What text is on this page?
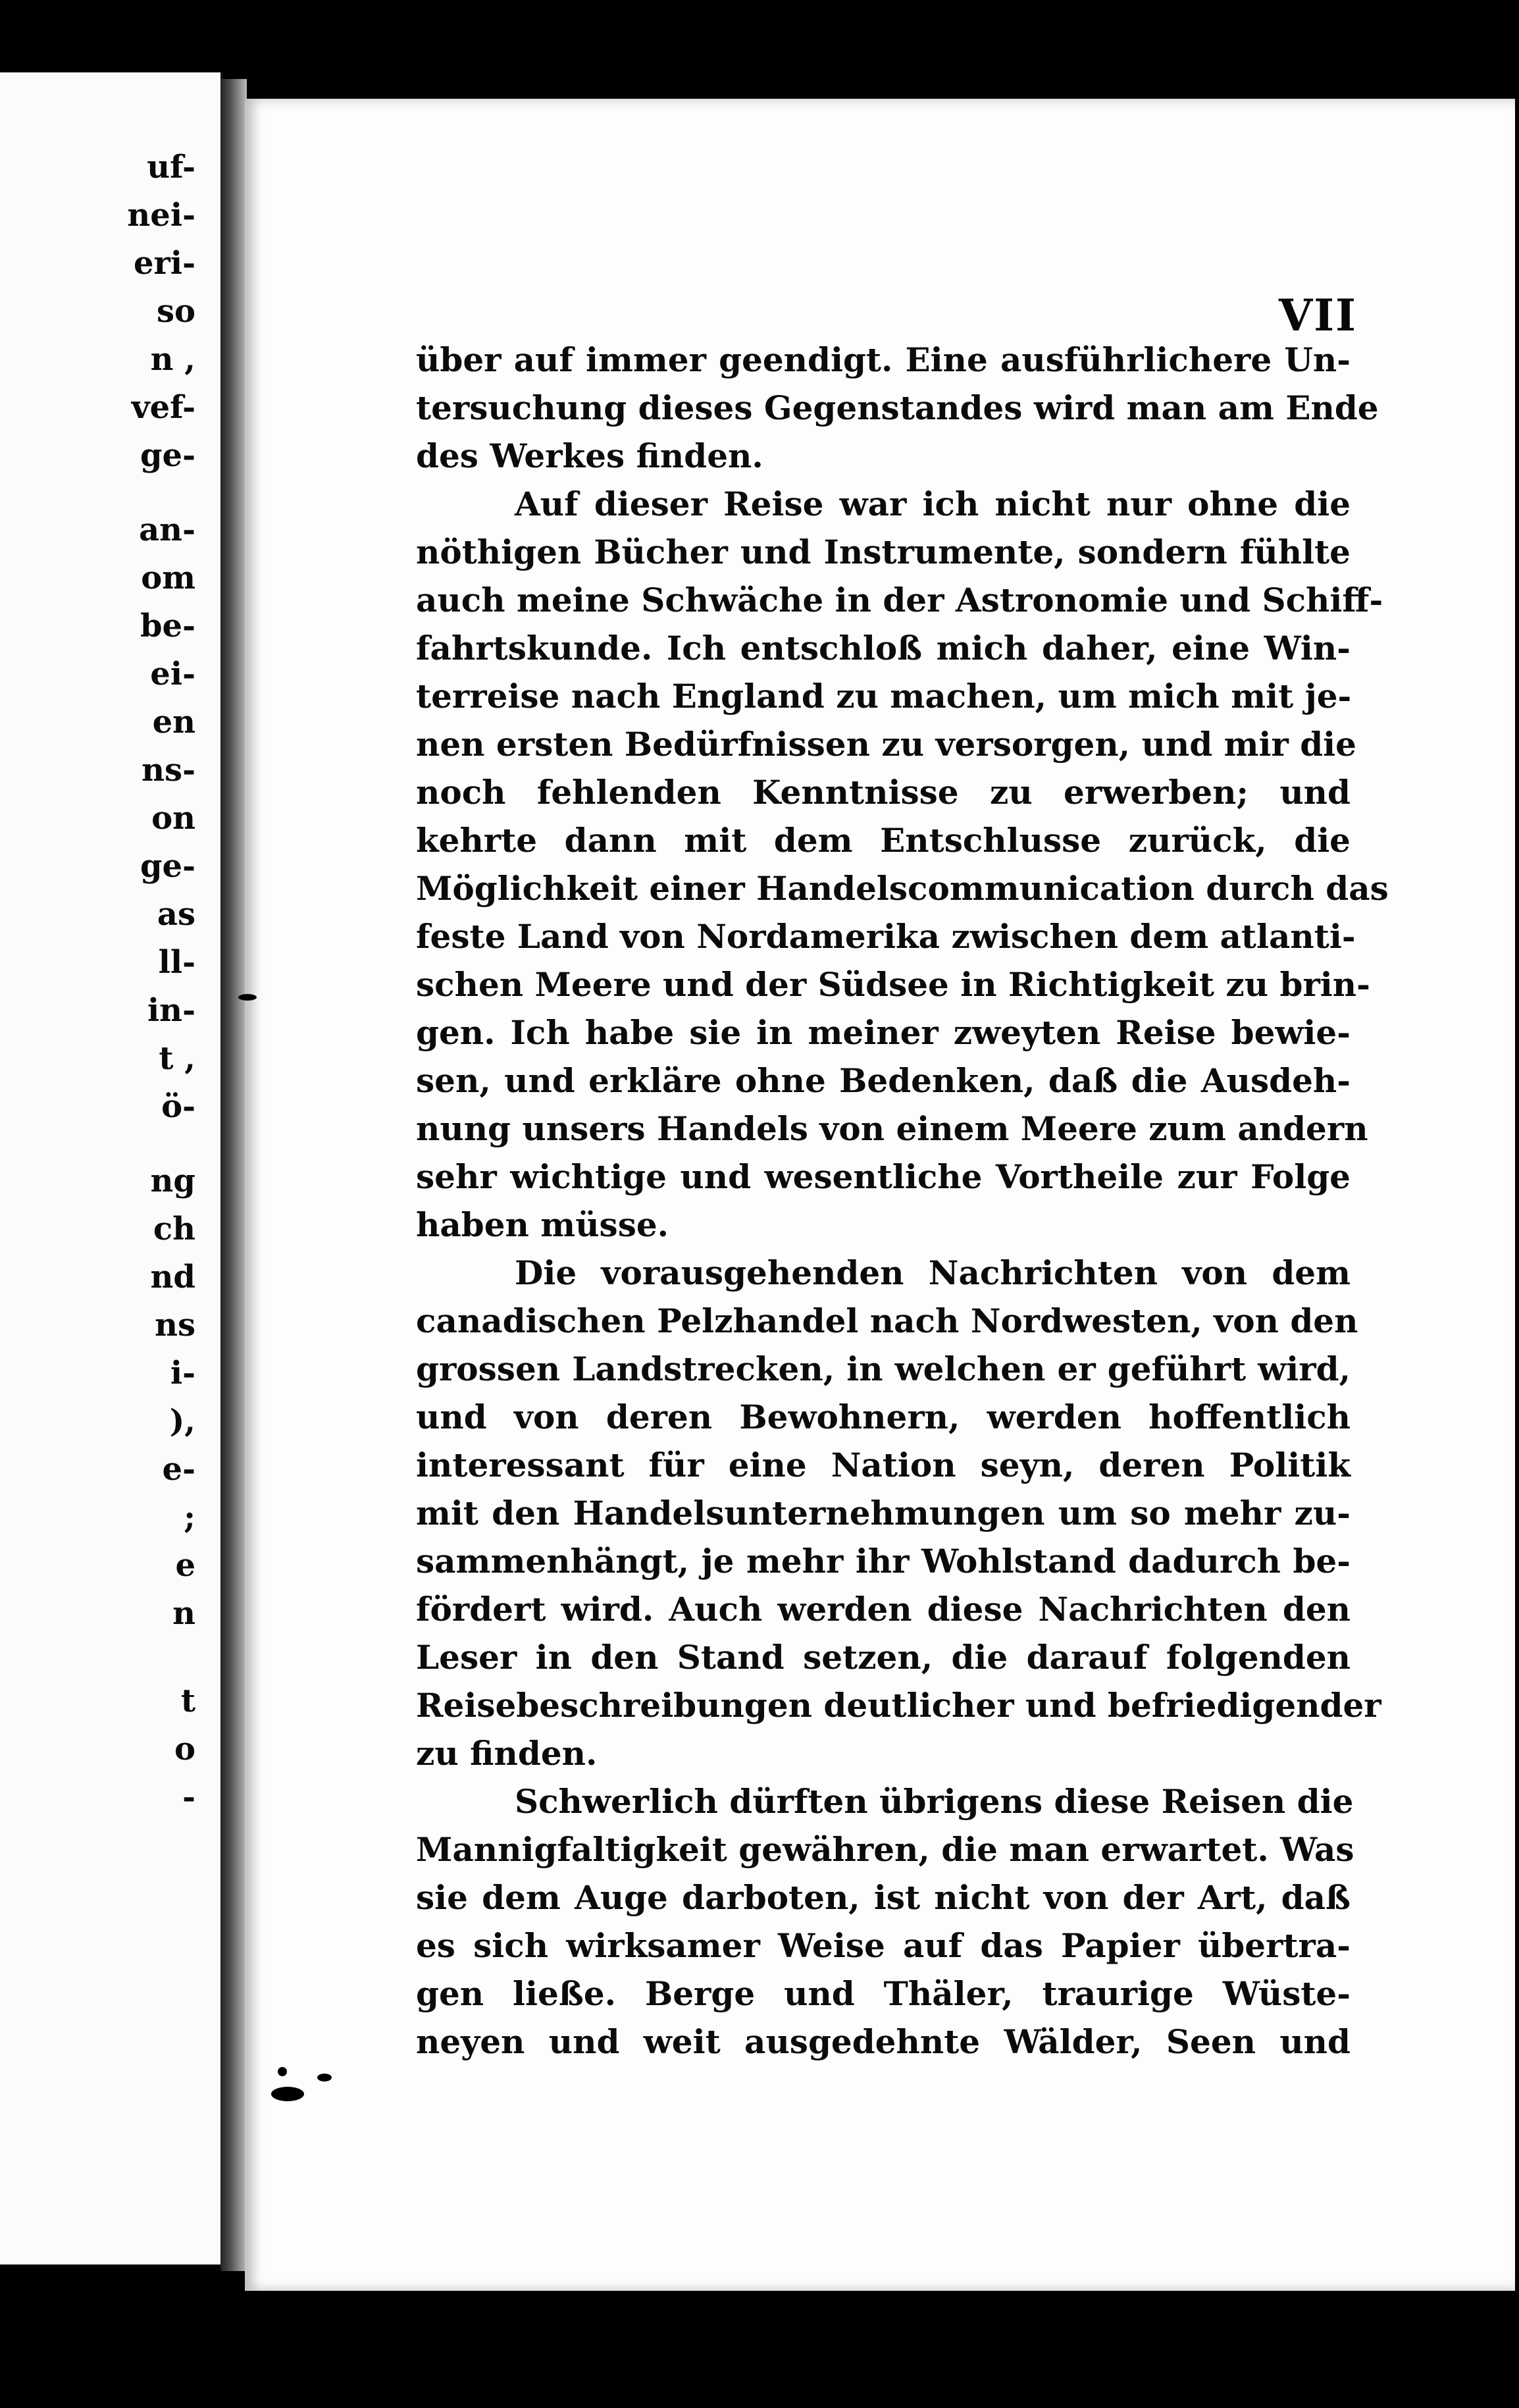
uf-
nei-
eri-
so
n ,
vef-
ge-
an-
om
be-
ei-
en
ns-
on
ge-
as
ll-
in-
t ,
ö-
ng
ch
nd
ns
i-
),
e-
;
e
n
t
o
-
VII
über auf immer geendigt. Eine ausführlichere Un-
tersuchung dieses Gegenstandes wird man am Ende
des Werkes finden.
Auf dieser Reise war ich nicht nur ohne die
nöthigen Bücher und Instrumente, sondern fühlte
auch meine Schwäche in der Astronomie und Schiff-
fahrtskunde. Ich entschloß mich daher, eine Win-
terreise nach England zu machen, um mich mit je-
nen ersten Bedürfnissen zu versorgen, und mir die
noch fehlenden Kenntnisse zu erwerben; und
kehrte dann mit dem Entschlusse zurück, die
Möglichkeit einer Handelscommunication durch das
feste Land von Nordamerika zwischen dem atlanti-
schen Meere und der Südsee in Richtigkeit zu brin-
gen. Ich habe sie in meiner zweyten Reise bewie-
sen, und erkläre ohne Bedenken, daß die Ausdeh-
nung unsers Handels von einem Meere zum andern
sehr wichtige und wesentliche Vortheile zur Folge
haben müsse.
Die vorausgehenden Nachrichten von dem
canadischen Pelzhandel nach Nordwesten, von den
grossen Landstrecken, in welchen er geführt wird,
und von deren Bewohnern, werden hoffentlich
interessant für eine Nation seyn, deren Politik
mit den Handelsunternehmungen um so mehr zu-
sammenhängt, je mehr ihr Wohlstand dadurch be-
fördert wird. Auch werden diese Nachrichten den
Leser in den Stand setzen, die darauf folgenden
Reisebeschreibungen deutlicher und befriedigender
zu finden.
Schwerlich dürften übrigens diese Reisen die
Mannigfaltigkeit gewähren, die man erwartet. Was
sie dem Auge darboten, ist nicht von der Art, daß
es sich wirksamer Weise auf das Papier übertra-
gen ließe. Berge und Thäler, traurige Wüste-
neyen und weit ausgedehnte Wälder, Seen und
